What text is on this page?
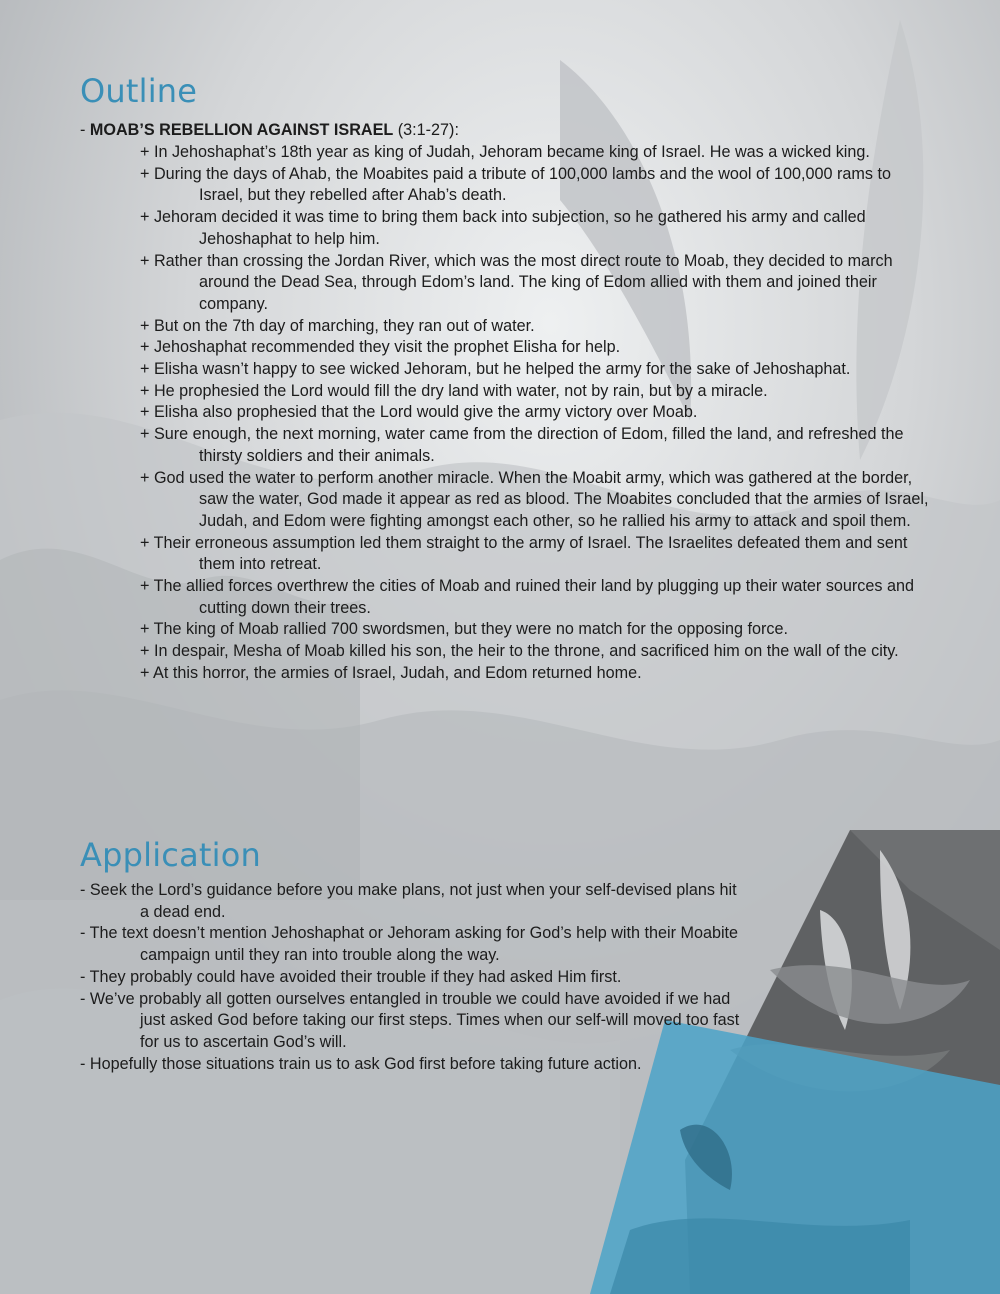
Outline

- MOAB’S REBELLION AGAINST ISRAEL (3:1-27):

+ In Jehoshaphat’s 18th year as king of Judah, Jehoram became king of Israel. He was a wicked king.
+ During the days of Ahab, the Moabites paid a tribute of 100,000 lambs and the wool of 100,000 rams to Israel, but they rebelled after Ahab’s death.
+ Jehoram decided it was time to bring them back into subjection, so he gathered his army and called Jehoshaphat to help him.
+ Rather than crossing the Jordan River, which was the most direct route to Moab, they decided to march around the Dead Sea, through Edom’s land. The king of Edom allied with them and joined their company.
+ But on the 7th day of marching, they ran out of water.
+ Jehoshaphat recommended they visit the prophet Elisha for help.
+ Elisha wasn’t happy to see wicked Jehoram, but he helped the army for the sake of Jehoshaphat.
+ He prophesied the Lord would fill the dry land with water, not by rain, but by a miracle.
+ Elisha also prophesied that the Lord would give the army victory over Moab.
+ Sure enough, the next morning, water came from the direction of Edom, filled the land, and refreshed the thirsty soldiers and their animals.
+ God used the water to perform another miracle. When the Moabit army, which was gathered at the border, saw the water, God made it appear as red as blood. The Moabites concluded that the armies of Israel, Judah, and Edom were fighting amongst each other, so he rallied his army to attack and spoil them.
+ Their erroneous assumption led them straight to the army of Israel. The Israelites defeated them and sent them into retreat.
+ The allied forces overthrew the cities of Moab and ruined their land by plugging up their water sources and cutting down their trees.
+ The king of Moab rallied 700 swordsmen, but they were no match for the opposing force.
+ In despair, Mesha of Moab killed his son, the heir to the throne, and sacrificed him on the wall of the city.
+ At this horror, the armies of Israel, Judah, and Edom returned home.
Application
- Seek the Lord’s guidance before you make plans, not just when your self-devised plans hit a dead end.
- The text doesn’t mention Jehoshaphat or Jehoram asking for God’s help with their Moabite campaign until they ran into trouble along the way.
- They probably could have avoided their trouble if they had asked Him first.
- We’ve probably all gotten ourselves entangled in trouble we could have avoided if we had just asked God before taking our first steps. Times when our self-will moved too fast for us to ascertain God’s will.
- Hopefully those situations train us to ask God first before taking future action.
